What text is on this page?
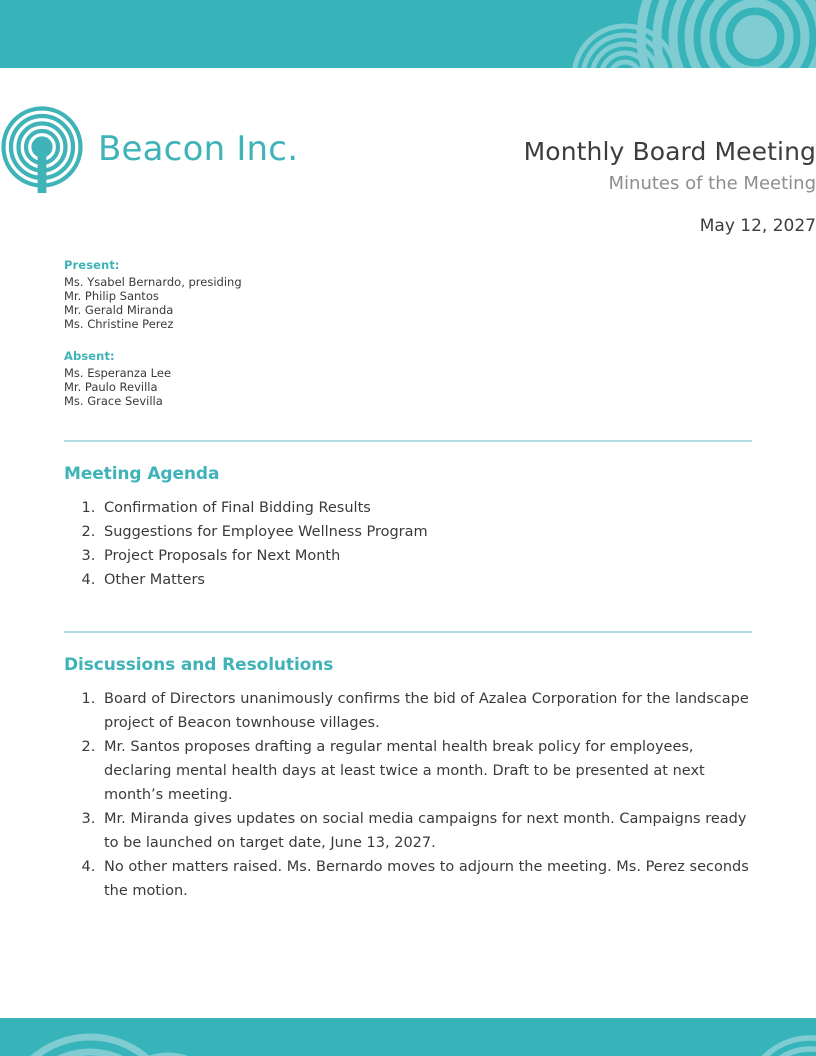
Beacon Inc.	Monthly Board Meeting
Minutes of the Meeting
May 12, 2027

Present:

Ms. Ysabel Bernardo, presiding
Mr. Philip Santos
Mr. Gerald Miranda
Ms. Christine Perez

Absent:

Ms. Esperanza Lee
Mr. Paulo Revilla
Ms. Grace Sevilla
Meeting Agenda
1. Confirmation of Final Bidding Results
2. Suggestions for Employee Wellness Program
3. Project Proposals for Next Month
4. Other Matters
Discussions and Resolutions
1. Board of Directors unanimously confirms the bid of Azalea Corporation for the landscape project of Beacon townhouse villages.
2. Mr. Santos proposes drafting a regular mental health break policy for employees, declaring mental health days at least twice a month. Draft to be presented at next month’s meeting.
3. Mr. Miranda gives updates on social media campaigns for next month. Campaigns ready to be launched on target date, June 13, 2027.
4. No other matters raised. Ms. Bernardo moves to adjourn the meeting. Ms. Perez seconds the motion.
